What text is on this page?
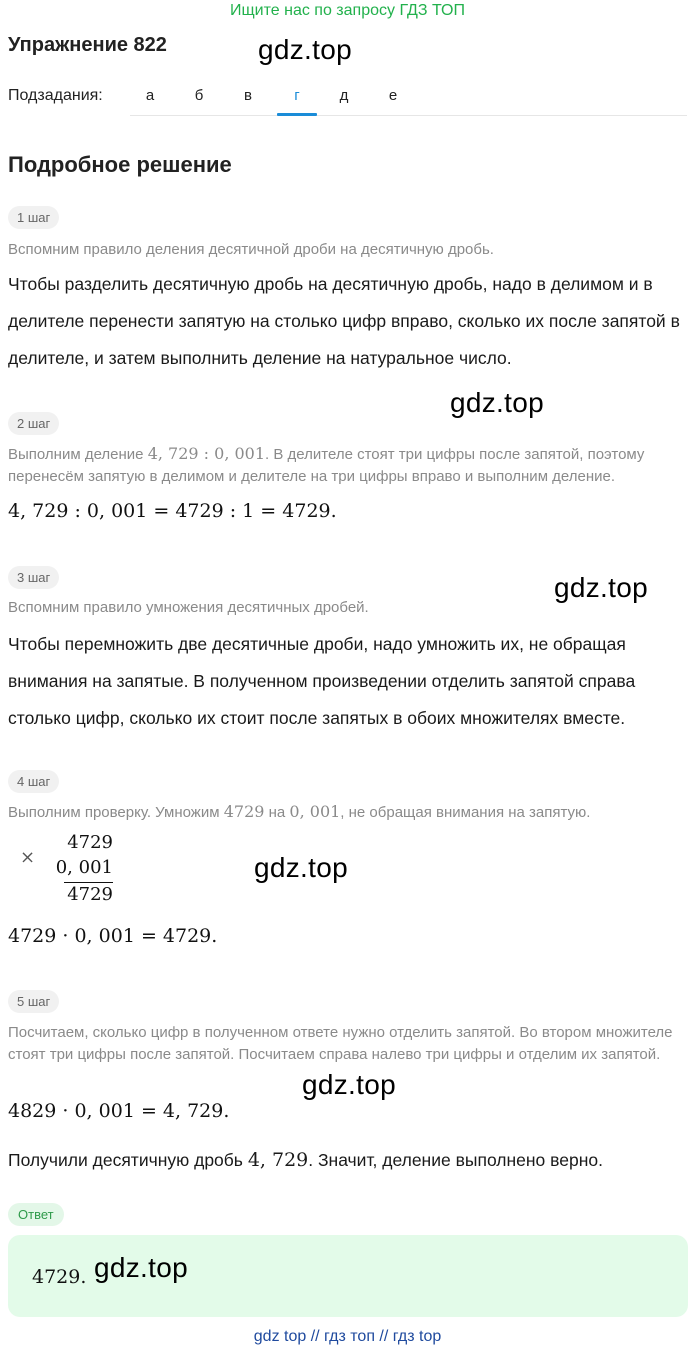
Ищите нас по запросу ГДЗ ТОП
Упражнение 822	gdz.top
Подзадания:	а	б	в	г	д	е
Подробное решение
1 шаг
Вспомним правило деления десятичной дроби на десятичную дробь.
Чтобы разделить десятичную дробь на десятичную дробь, надо в делимом и в делителе перенести запятую на столько цифр вправо, сколько их после запятой в делителе, и затем выполнить деление на натуральное число.
2 шаг
gdz.top
Выполним деление 4, 729 : 0, 001. В делителе стоят три цифры после запятой, поэтому перенесём запятую в делимом и делителе на три цифры вправо и выполним деление.
4, 729 : 0, 001 = 4729 : 1 = 4729.
3 шаг	gdz.top
Вспомним правило умножения десятичных дробей.
Чтобы перемножить две десятичные дроби, надо умножить их, не обращая внимания на запятые. В полученном произведении отделить запятой справа столько цифр, сколько их стоит после запятых в обоих множителях вместе.
4 шаг
Выполним проверку. Умножим 4729 на 0, 001, не обращая внимания на запятую.
×
4729
0, 001
4729
gdz.top
4729 · 0, 001 = 4729.
5 шаг
Посчитаем, сколько цифр в полученном ответе нужно отделить запятой. Во втором множителе стоят три цифры после запятой. Посчитаем справа налево три цифры и отделим их запятой.
gdz.top
4829 · 0, 001 = 4, 729.
Получили десятичную дробь 4, 729. Значит, деление выполнено верно.
Ответ
4729. gdz.top
gdz top // гдз топ // гдз top
